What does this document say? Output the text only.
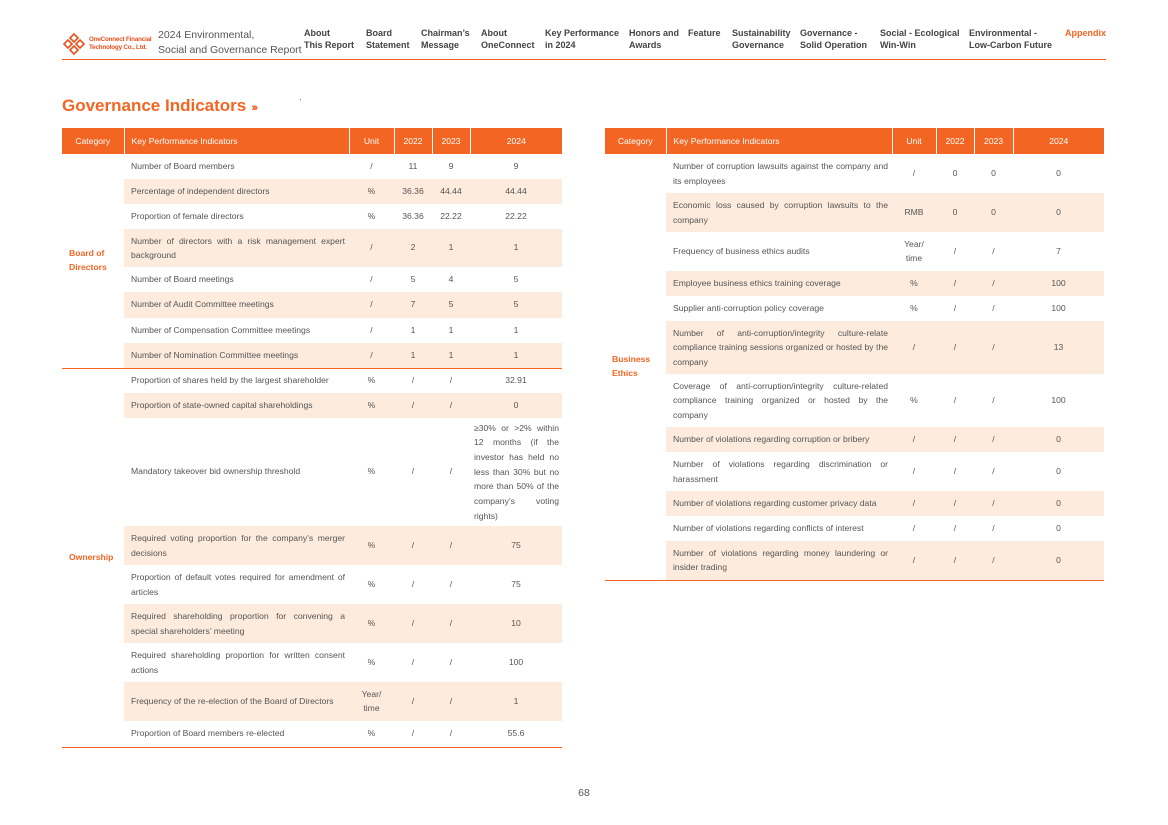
OneConnect Financial
Technology Co., Ltd.
2024 Environmental,
Social and Governance Report
About
This Report
Board
Statement
Chairman’s
Message
About
OneConnect
Key Performance
in 2024
Honors and
Awards
Feature Sustainability
Governance
Governance -
Solid Operation
Social - Ecological
Win-Win
Environmental -
Low-Carbon Future
Appendix
Governance Indicators ›››
Category	Key Performance Indicators	Unit	2022	2023	2024
Board of Directors	Number of Board members	/	11	9	9
	Percentage of independent directors	%	36.36	44.44	44.44
	Proportion of female directors	%	36.36	22.22	22.22
	Number of directors with a risk management expert background	/	2	1	1
	Number of Board meetings	/	5	4	5
	Number of Audit Committee meetings	/	7	5	5
	Number of Compensation Committee meetings	/	1	1	1
	Number of Nomination Committee meetings	/	1	1	1
Ownership	Proportion of shares held by the largest shareholder	%	/	/	32.91
	Proportion of state-owned capital shareholdings	%	/	/	0
	Mandatory takeover bid ownership threshold	%	/	/	≥30% or >2% within 12 months (if the investor has held no less than 30% but no more than 50% of the company’s voting rights)
	Required voting proportion for the company’s merger decisions	%	/	/	75
	Proportion of default votes required for amendment of articles	%	/	/	75
	Required shareholding proportion for convening a special shareholders’ meeting	%	/	/	10
	Required shareholding proportion for written consent actions	%	/	/	100
	Frequency of the re-election of the Board of Directors	Year/ time	/	/	1
	Proportion of Board members re-elected	%	/	/	55.6
Category	Key Performance Indicators	Unit	2022	2023	2024
Business Ethics	Number of corruption lawsuits against the company and its employees	/	0	0	0
	Economic loss caused by corruption lawsuits to the company	RMB	0	0	0
	Frequency of business ethics audits	Year/ time	/	/	7
	Employee business ethics training coverage	%	/	/	100
	Supplier anti-corruption policy coverage	%	/	/	100
	Number of anti-corruption/integrity culture-relate compliance training sessions organized or hosted by the company	/	/	/	13
	Coverage of anti-corruption/integrity culture-related compliance training organized or hosted by the company	%	/	/	100
	Number of violations regarding corruption or bribery	/	/	/	0
	Number of violations regarding discrimination or harassment	/	/	/	0
	Number of violations regarding customer privacy data	/	/	/	0
	Number of violations regarding conflicts of interest	/	/	/	0
	Number of violations regarding money laundering or insider trading	/	/	/	0
68
